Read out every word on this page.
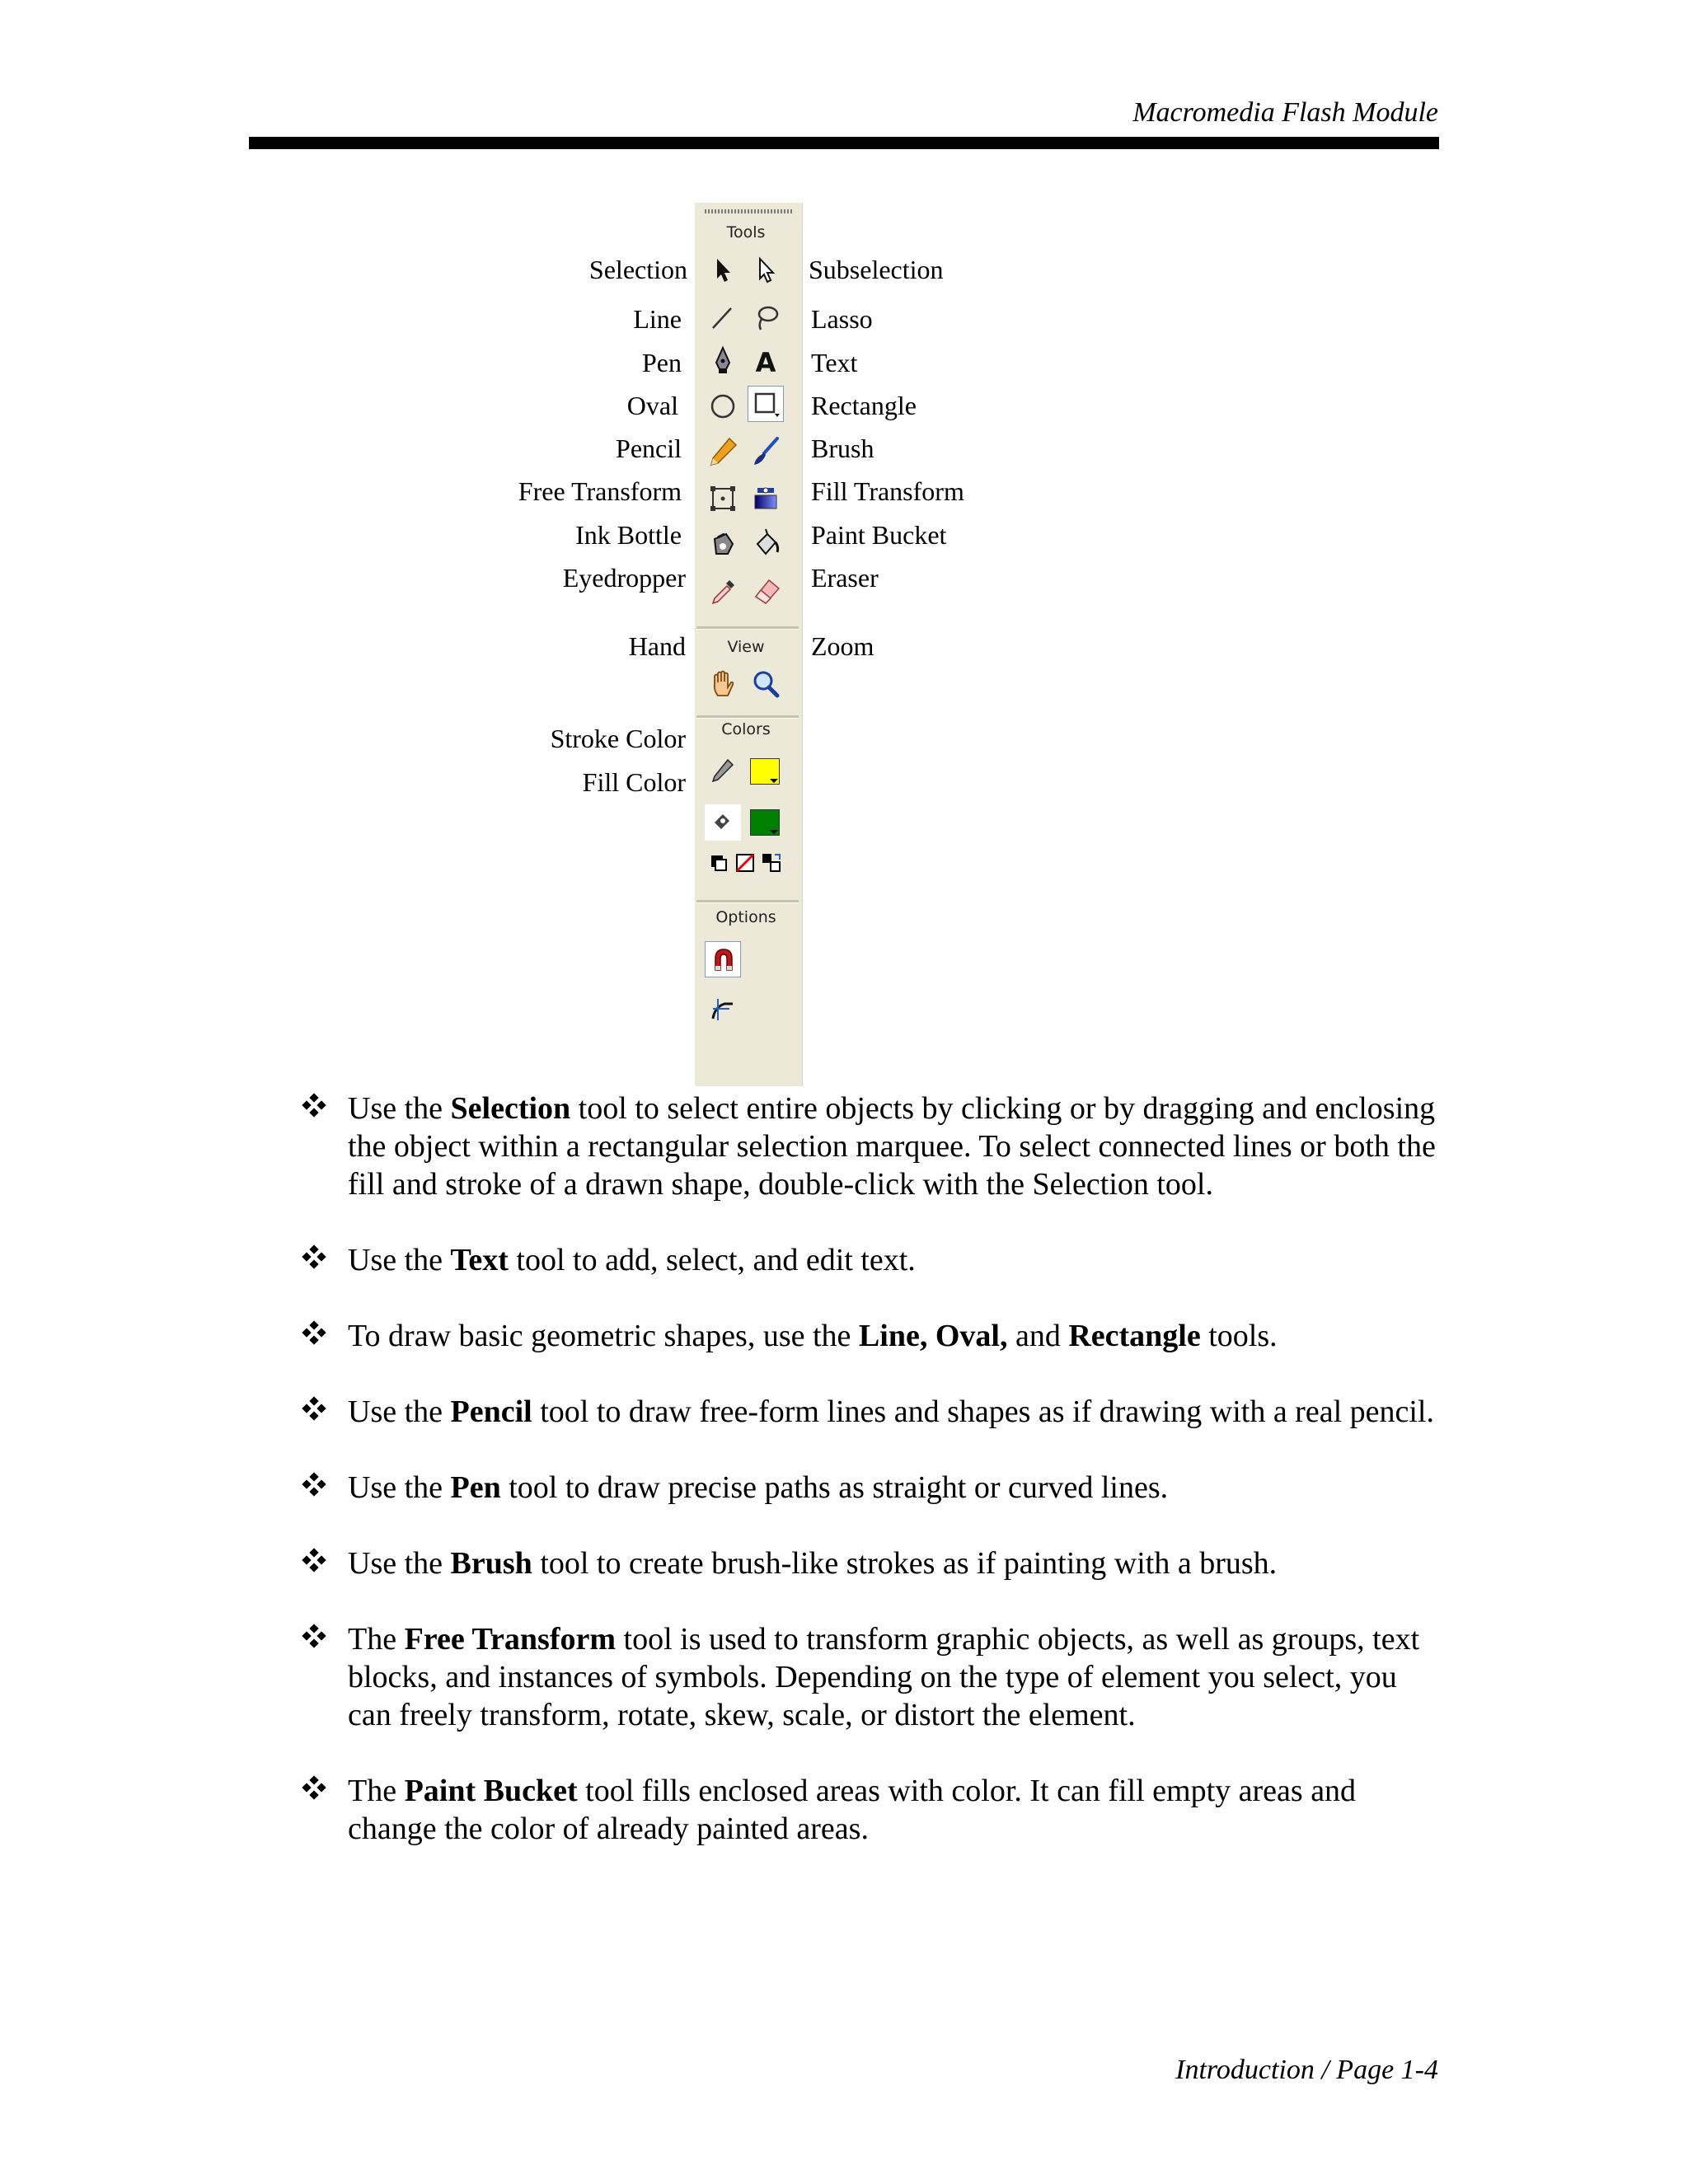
Macromedia Flash Module
Selection
Line
Pen
Oval
Pencil
Free Transform
Ink Bottle
Eyedropper
Hand
Stroke Color
Fill Color
Subselection
Lasso
Text
Rectangle
Brush
Fill Transform
Paint Bucket
Eraser
Zoom
Tools
A
View
Colors
Options
Use the Selection tool to select entire objects by clicking or by dragging and enclosing the object within a rectangular selection marquee. To select connected lines or both the fill and stroke of a drawn shape, double-click with the Selection tool.
Use the Text tool to add, select, and edit text.
To draw basic geometric shapes, use the Line, Oval, and Rectangle tools.
Use the Pencil tool to draw free-form lines and shapes as if drawing with a real pencil.
Use the Pen tool to draw precise paths as straight or curved lines.
Use the Brush tool to create brush-like strokes as if painting with a brush.
The Free Transform tool is used to transform graphic objects, as well as groups, text blocks, and instances of symbols. Depending on the type of element you select, you can freely transform, rotate, skew, scale, or distort the element.
The Paint Bucket tool fills enclosed areas with color. It can fill empty areas and change the color of already painted areas.
Introduction / Page 1-4
